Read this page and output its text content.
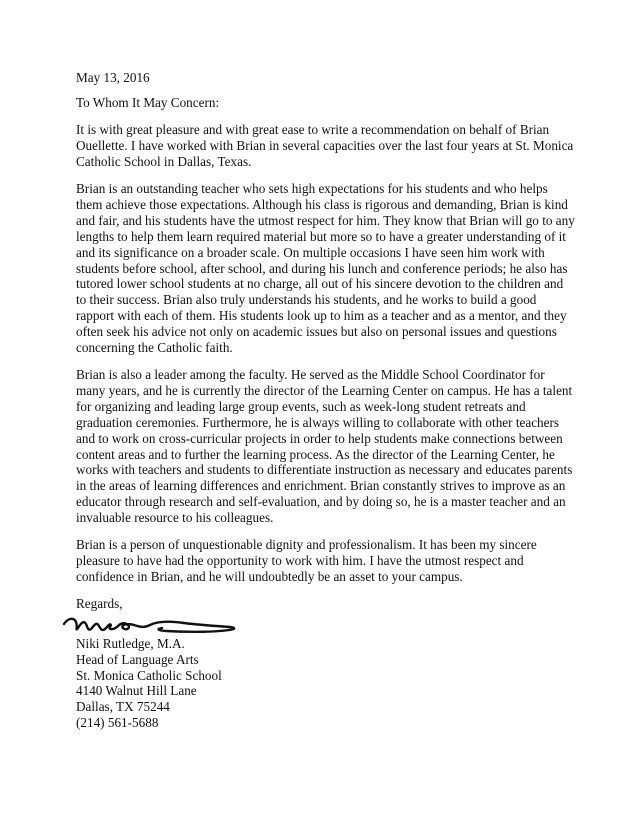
May 13, 2016

To Whom It May Concern:

It is with great pleasure and with great ease to write a recommendation on behalf of Brian Ouellette. I have worked with Brian in several capacities over the last four years at St. Monica Catholic School in Dallas, Texas.

Brian is an outstanding teacher who sets high expectations for his students and who helps them achieve those expectations. Although his class is rigorous and demanding, Brian is kind and fair, and his students have the utmost respect for him. They know that Brian will go to any lengths to help them learn required material but more so to have a greater understanding of it and its significance on a broader scale. On multiple occasions I have seen him work with students before school, after school, and during his lunch and conference periods; he also has tutored lower school students at no charge, all out of his sincere devotion to the children and to their success. Brian also truly understands his students, and he works to build a good rapport with each of them. His students look up to him as a teacher and as a mentor, and they often seek his advice not only on academic issues but also on personal issues and questions concerning the Catholic faith.

Brian is also a leader among the faculty. He served as the Middle School Coordinator for many years, and he is currently the director of the Learning Center on campus. He has a talent for organizing and leading large group events, such as week-long student retreats and graduation ceremonies. Furthermore, he is always willing to collaborate with other teachers and to work on cross-curricular projects in order to help students make connections between content areas and to further the learning process. As the director of the Learning Center, he works with teachers and students to differentiate instruction as necessary and educates parents in the areas of learning differences and enrichment. Brian constantly strives to improve as an educator through research and self-evaluation, and by doing so, he is a master teacher and an invaluable resource to his colleagues.

Brian is a person of unquestionable dignity and professionalism. It has been my sincere pleasure to have had the opportunity to work with him. I have the utmost respect and confidence in Brian, and he will undoubtedly be an asset to your campus.

Regards,

Niki Rutledge, M.A.
Head of Language Arts
St. Monica Catholic School
4140 Walnut Hill Lane
Dallas, TX 75244
(214) 561-5688
